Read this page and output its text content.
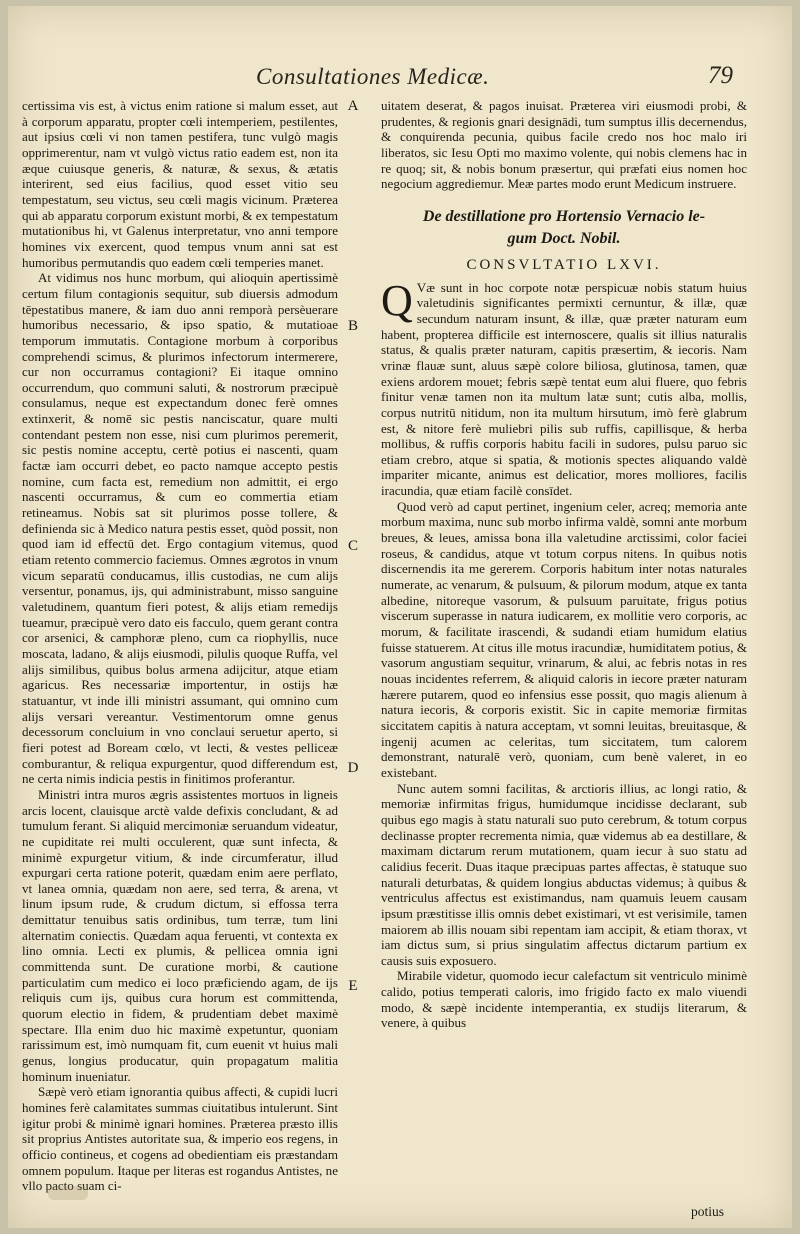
Consultationes Medicæ.	79

certissima vis est, à victus enim ratione si malum esset, aut à corporum apparatu, propter cœli intemperiem, pestilentes, aut ipsius cœli vi non tamen pestifera, tunc vulgò magis opprimerentur, nam vt vulgò victus ratio eadem est, non ita æque cuiusque generis, & naturæ, & sexus, & ætatis interirent, sed eius facilius, quod esset vitio seu tempestatum, seu victus, seu cœli magis vicinum. Præterea qui ab apparatu corporum existunt morbi, & ex tempestatum mutationibus hi, vt Galenus interpretatur, vno anni tempore homines vix exercent, quod tempus vnum anni sat est humoribus permutandis quo eadem cœli temperies manet.

At vidimus nos hunc morbum, qui alioquin apertissimè certum filum contagionis sequitur, sub diuersis admodum tēpestatibus manere, & iam duo anni remporà persèuerare humoribus necessario, & ipso spatio, & mutatioae temporum immutatis. Contagione morbum à corporibus comprehendi scimus, & plurimos infectorum intermerere, cur non occurramus contagioni? Ei itaque omnino occurrendum, quo communi saluti, & nostrorum præcipuè consulamus, neque est expectandum donec ferè omnes extinxerit, & nomē sic pestis nanciscatur, quare multi contendant pestem non esse, nisi cum plurimos peremerit, sic pestis nomine acceptu, certè potius ei nascenti, quam factæ iam occurri debet, eo pacto namque accepto pestis nomine, cum facta est, remedium non admittit, ei ergo nascenti occurramus, & cum eo commertia etiam retineamus. Nobis sat sit plurimos posse tollere, & definienda sic à Medico natura pestis esset, quòd possit, non quod iam id effectū det. Ergo contagium vitemus, quod etiam retento commercio faciemus. Omnes ægrotos in vnum vicum separatū conducamus, illis custodias, ne cum alijs versentur, ponamus, ijs, qui administrabunt, misso sanguine valetudinem, quantum fieri potest, & alijs etiam remedijs tueamur, præcipuè vero dato eis facculo, quem gerant contra cor arsenici, & camphoræ pleno, cum ca riophyllis, nuce moscata, ladano, & alijs eiusmodi, pilulis quoque Ruffa, vel alijs similibus, quibus bolus armena adijcitur, atque etiam agaricus. Res necessariæ importentur, in ostijs hæ statuantur, vt inde illi ministri assumant, qui omnino cum alijs versari vereantur. Vestimentorum omne genus decessorum concluium in vno conclaui seruetur aperto, si fieri potest ad Boream cœlo, vt lecti, & vestes pelliceæ comburantur, & reliqua expurgentur, quod differendum est, ne certa nimis indicia pestis in finitimos proferantur.

Ministri intra muros ægris assistentes mortuos in ligneis arcis locent, clauisque arctè valde defixis concludant, & ad tumulum ferant. Si aliquid mercimoniæ seruandum videatur, ne cupiditate rei multi occulerent, quæ sunt infecta, & minimè expurgetur vitium, & inde circumferatur, illud expurgari certa ratione poterit, quædam enim aere perflato, vt lanea omnia, quædam non aere, sed terra, & arena, vt linum ipsum rude, & crudum dictum, si effossa terra demittatur tenuibus satis ordinibus, tum terræ, tum lini alternatim coniectis. Quædam aqua feruenti, vt contexta ex lino omnia. Lecti ex plumis, & pellicea omnia igni committenda sunt. De curatione morbi, & cautione particulatim cum medico ei loco præficiendo agam, de ijs reliquis cum ijs, quibus cura horum est committenda, quorum electio in fidem, & prudentiam debet maximè spectare. Illa enim duo hic maximè expetuntur, quoniam rarissimum est, imò numquam fit, cum euenit vt huius mali genus, longius producatur, quin propagatum malitia hominum inueniatur.

Sæpè verò etiam ignorantia quibus affecti, & cupidi lucri homines ferè calamitates summas ciuitatibus intulerunt. Sint igitur probi & minimè ignari homines. Præterea præsto illis sit proprius Antistes autoritate sua, & imperio eos regens, in officio contineus, et cogens ad obedientiam eis præstandam omnem populum. Itaque per literas est rogandus Antistes, ne vllo pacto suam ci-

A
B
C
D
E

uitatem deserat, & pagos inuisat. Præterea viri eiusmodi probi, & prudentes, & regionis gnari designādi, tum sumptus illis decernendus, & conquirenda pecunia, quibus facile credo nos hoc malo iri liberatos, sic Iesu Opti mo maximo volente, qui nobis clemens hac in re quoq; sit, & nobis bonum præsertur, qui præfati eius nomen hoc negocium aggrediemur. Meæ partes modo erunt Medicum instruere.

De destillatione pro Hortensio Vernacio le-
gum Doct. Nobil.
CONSVLTATIO LXVI.
Q Væ sunt in hoc corpote notæ perspicuæ nobis statum huius valetudinis significantes permixti cernuntur, & illæ, quæ secundum naturam insunt, & illæ, quæ præter naturam eum habent, propterea difficile est internoscere, qualis sit illius naturalis status, & qualis præter naturam, capitis præsertim, & iecoris. Nam vrinæ flauæ sunt, aluus sæpè colore biliosa, glutinosa, tamen, quæ exiens ardorem mouet; febris sæpè tentat eum alui fluere, quo febris finitur venæ tamen non ita multum latæ sunt; cutis alba, mollis, corpus nutritū nitidum, non ita multum hirsutum, imò ferè glabrum est, & nitore ferè muliebri pilis sub ruffis, capillisque, & herba mollibus, & ruffis corporis habitu facili in sudores, pulsu paruo sic etiam crebro, atque si spatia, & motionis spectes aliquando valdè impariter micante, animus est delicatior, mores molliores, facilis iracundia, quæ etiam facilè consīdet.

Quod verò ad caput pertinet, ingenium celer, acreq; memoria ante morbum maxima, nunc sub morbo infirma valdè, somni ante morbum breues, & leues, amissa bona illa valetudine arctissimi, color faciei roseus, & candidus, atque vt totum corpus nitens. In quibus notis discernendis ita me gererem. Corporis habitum inter notas naturales numerate, ac venarum, & pulsuum, & pilorum modum, atque ex tanta albedine, nitoreque vasorum, & pulsuum paruitate, frigus potius viscerum superasse in natura iudicarem, ex mollitie vero corporis, ac morum, & facilitate irascendi, & sudandi etiam humidum elatius fuisse statuerem. At citus ille motus iracundiæ, humiditatem potius, & vasorum angustiam sequitur, vrinarum, & alui, ac febris notas in res nouas incidentes referrem, & aliquid caloris in iecore præter naturam hærere putarem, quod eo infensius esse possit, quo magis alienum à natura iecoris, & corporis existit. Sic in capite memoriæ firmitas siccitatem capitis à natura acceptam, vt somni leuitas, breuitasque, & ingenij acumen ac celeritas, tum siccitatem, tum calorem demonstrant, naturalē verò, quoniam, cum benè valeret, in eo existebant.

Nunc autem somni facilitas, & arctioris illius, ac longi ratio, & memoriæ infirmitas frigus, humidumque incidisse declarant, sub quibus ego magis à statu naturali suo puto cerebrum, & totum corpus declinasse propter recrementa nimia, quæ videmus ab ea destillare, & maximam dictarum rerum mutationem, quam iecur à suo statu ad calidius fecerit. Duas itaque præcipuas partes affectas, è statuque suo naturali deturbatas, & quidem longius abductas videmus; à quibus & ventriculus affectus est existimandus, nam quamuis leuem causam ipsum præstitisse illis omnis debet existimari, vt est verisimile, tamen maiorem ab illis nouam sibi repentam iam accipit, & etiam thorax, vt iam dictus sum, si prius singulatim affectus dictarum partium ex causis suis exposuero.

Mirabile videtur, quomodo iecur calefactum sit ventriculo minimè calido, potius temperati caloris, imo frigido facto ex malo viuendi modo, & sæpè incidente intemperantia, ex studijs literarum, & venere, à quibus

potius
